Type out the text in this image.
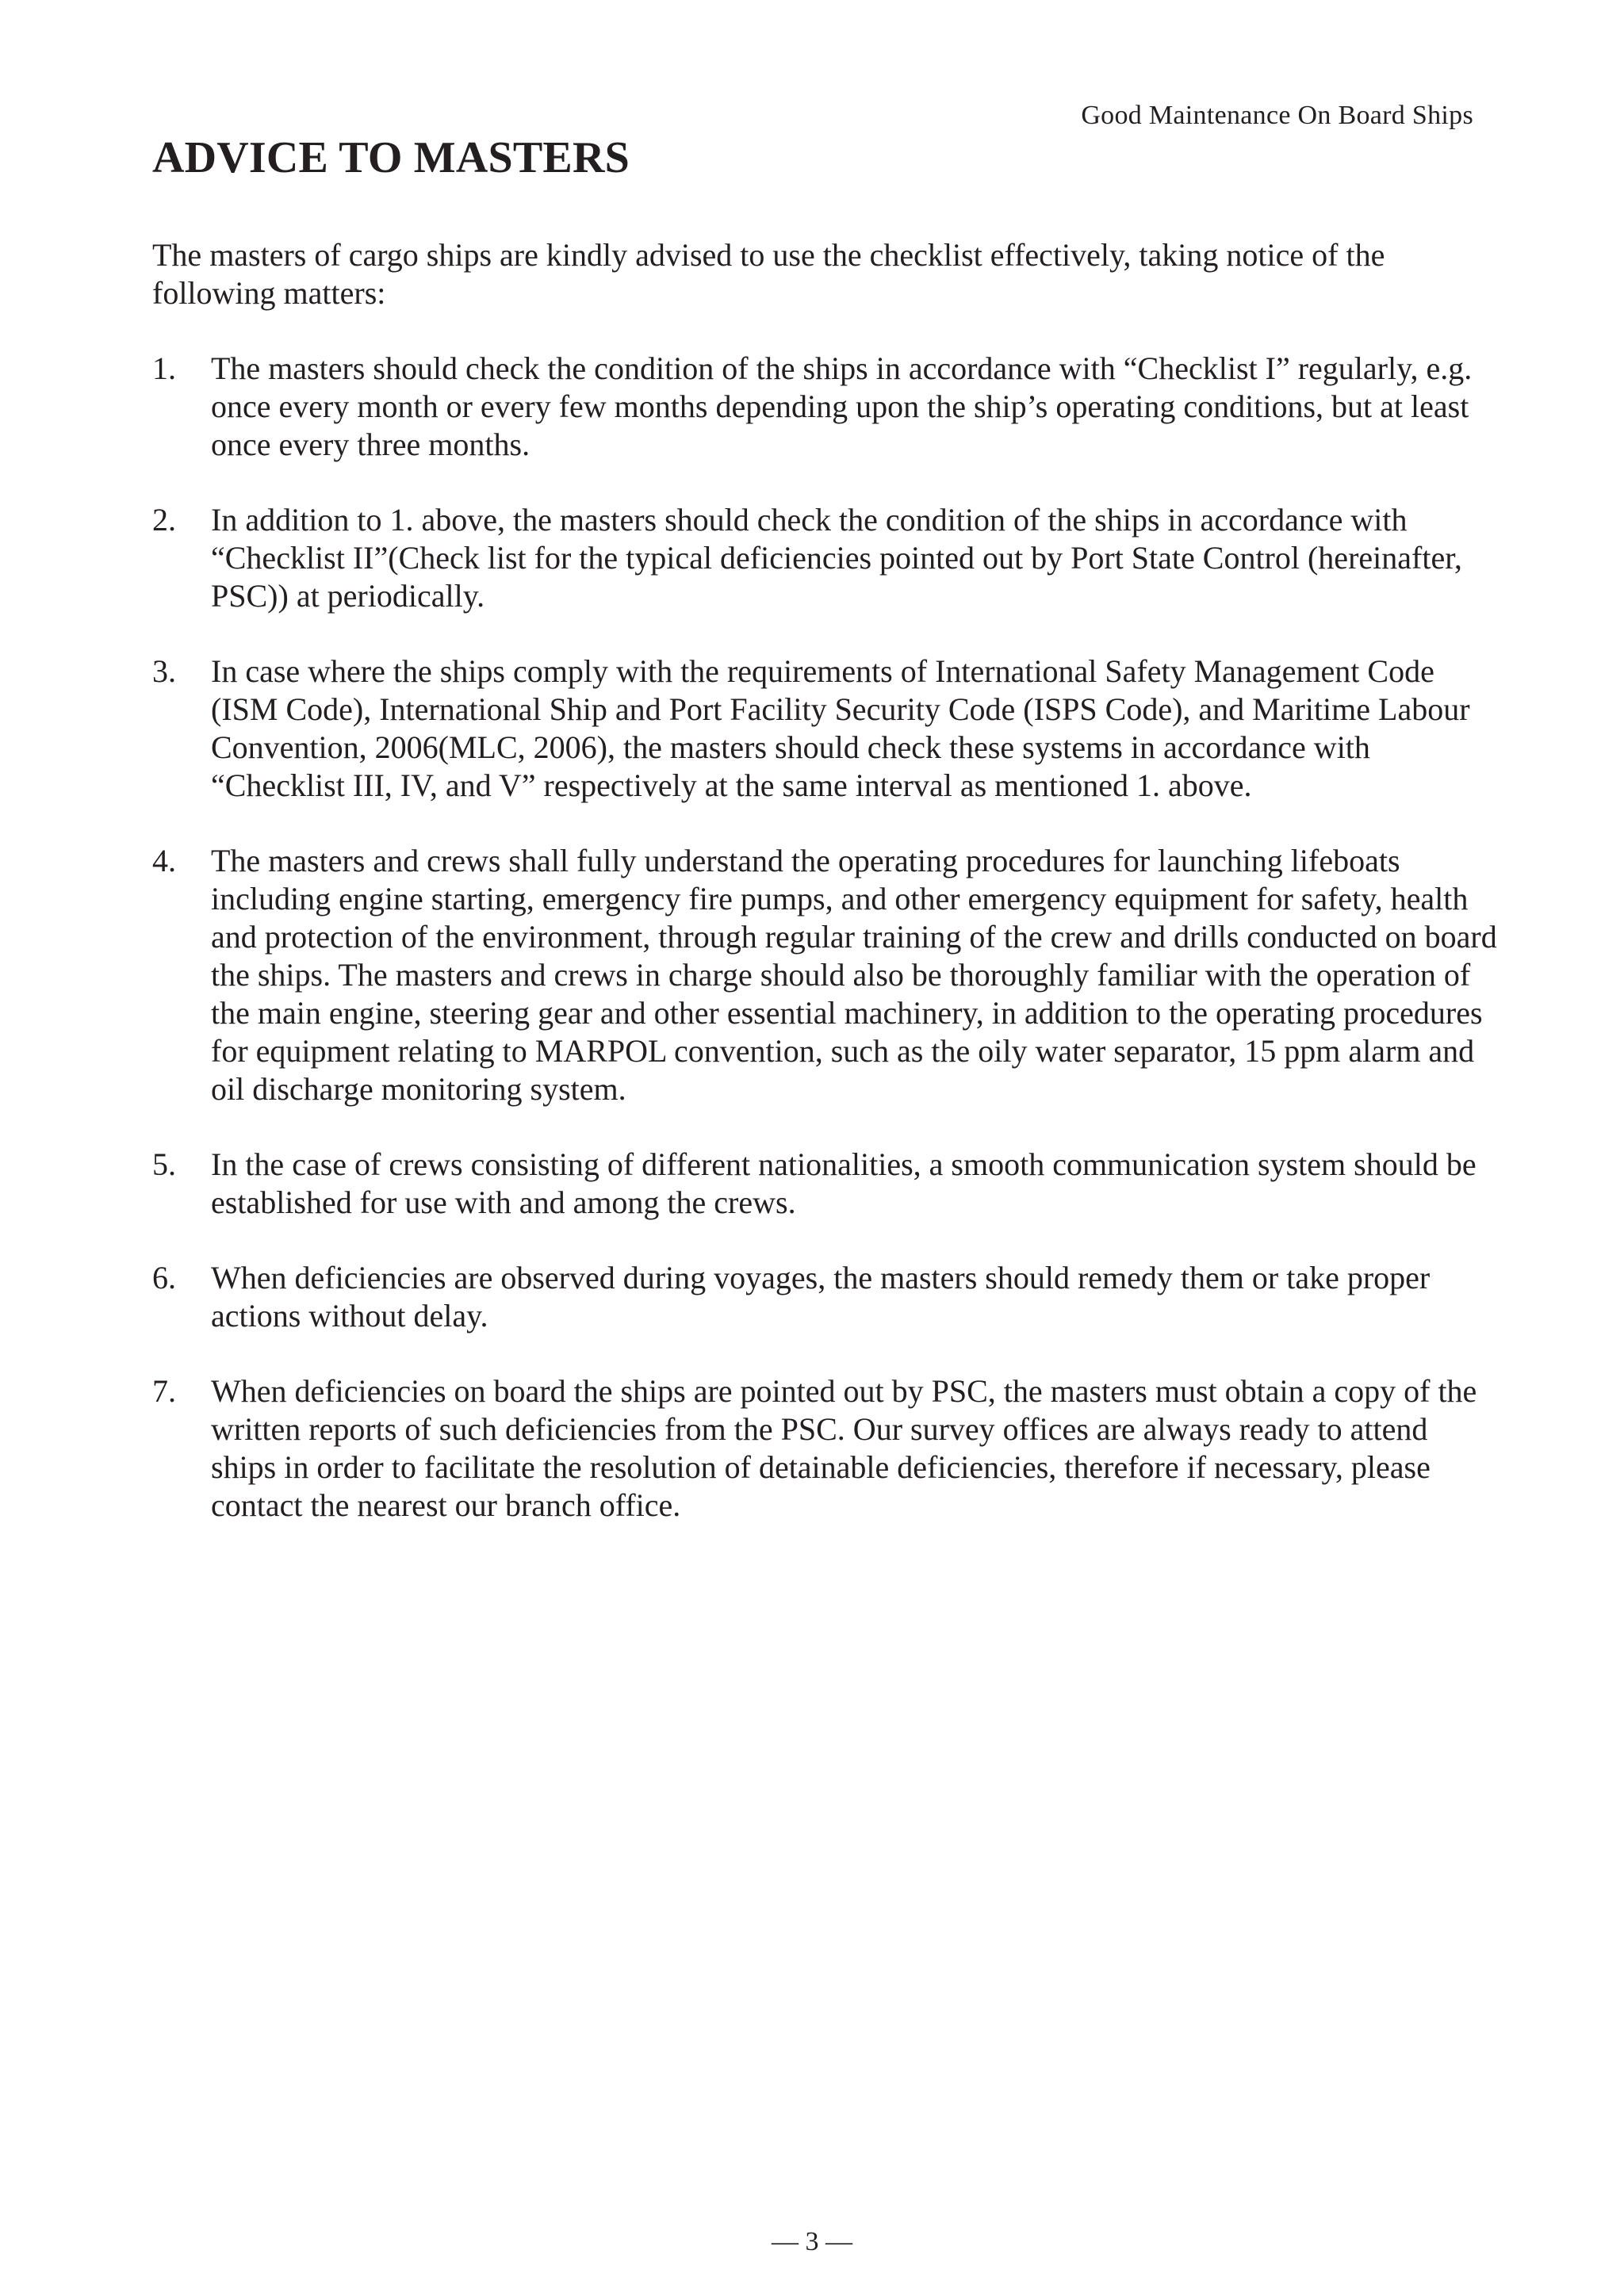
Good Maintenance On Board Ships
ADVICE TO MASTERS

The masters of cargo ships are kindly advised to use the checklist effectively, taking notice of the following matters:

1. The masters should check the condition of the ships in accordance with “Checklist I” regularly, e.g. once every month or every few months depending upon the ship’s operating conditions, but at least once every three months.
2. In addition to 1. above, the masters should check the condition of the ships in accordance with “Checklist II”(Check list for the typical deficiencies pointed out by Port State Control (hereinafter, PSC)) at periodically.
3. In case where the ships comply with the requirements of International Safety Management Code (ISM Code), International Ship and Port Facility Security Code (ISPS Code), and Maritime Labour Convention, 2006(MLC, 2006), the masters should check these systems in accordance with “Checklist III, IV, and V” respectively at the same interval as mentioned 1. above.
4. The masters and crews shall fully understand the operating procedures for launching lifeboats including engine starting, emergency fire pumps, and other emergency equipment for safety, health and protection of the environment, through regular training of the crew and drills conducted on board the ships. The masters and crews in charge should also be thoroughly familiar with the operation of the main engine, steering gear and other essential machinery, in addition to the operating procedures for equipment relating to MARPOL convention, such as the oily water separator, 15 ppm alarm and oil discharge monitoring system.
5. In the case of crews consisting of different nationalities, a smooth communication system should be established for use with and among the crews.
6. When deficiencies are observed during voyages, the masters should remedy them or take proper actions without delay.
7. When deficiencies on board the ships are pointed out by PSC, the masters must obtain a copy of the written reports of such deficiencies from the PSC. Our survey offices are always ready to attend ships in order to facilitate the resolution of detainable deficiencies, therefore if necessary, please contact the nearest our branch office.
— 3 —
